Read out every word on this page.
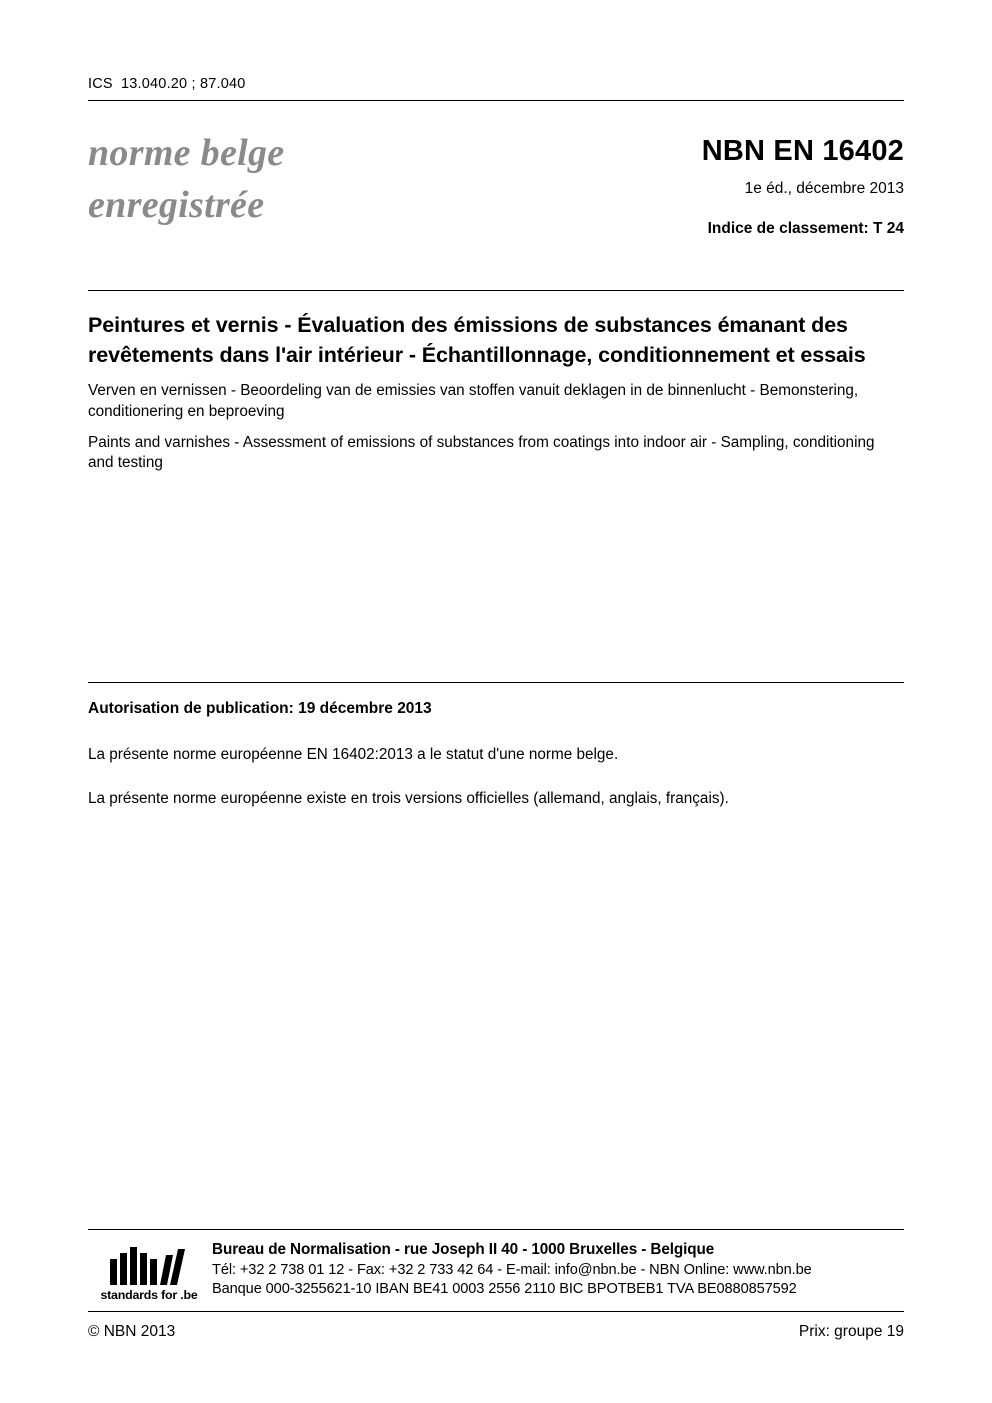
ICS 13.040.20 ; 87.040
norme belge
enregistrée
NBN EN 16402
1e éd., décembre 2013
Indice de classement: T 24
Peintures et vernis - Évaluation des émissions de substances émanant des revêtements dans l'air intérieur - Échantillonnage, conditionnement et essais
Verven en vernissen - Beoordeling van de emissies van stoffen vanuit deklagen in de binnenlucht - Bemonstering, conditionering en beproeving
Paints and varnishes - Assessment of emissions of substances from coatings into indoor air - Sampling, conditioning and testing
Autorisation de publication: 19 décembre 2013
La présente norme européenne EN 16402:2013 a le statut d'une norme belge.
La présente norme européenne existe en trois versions officielles (allemand, anglais, français).
standards for .be
Bureau de Normalisation - rue Joseph II 40 - 1000 Bruxelles - Belgique
Tél: +32 2 738 01 12 - Fax: +32 2 733 42 64 - E-mail: info@nbn.be - NBN Online: www.nbn.be
Banque 000-3255621-10 IBAN BE41 0003 2556 2110 BIC BPOTBEB1 TVA BE0880857592
© NBN 2013	Prix: groupe 19
